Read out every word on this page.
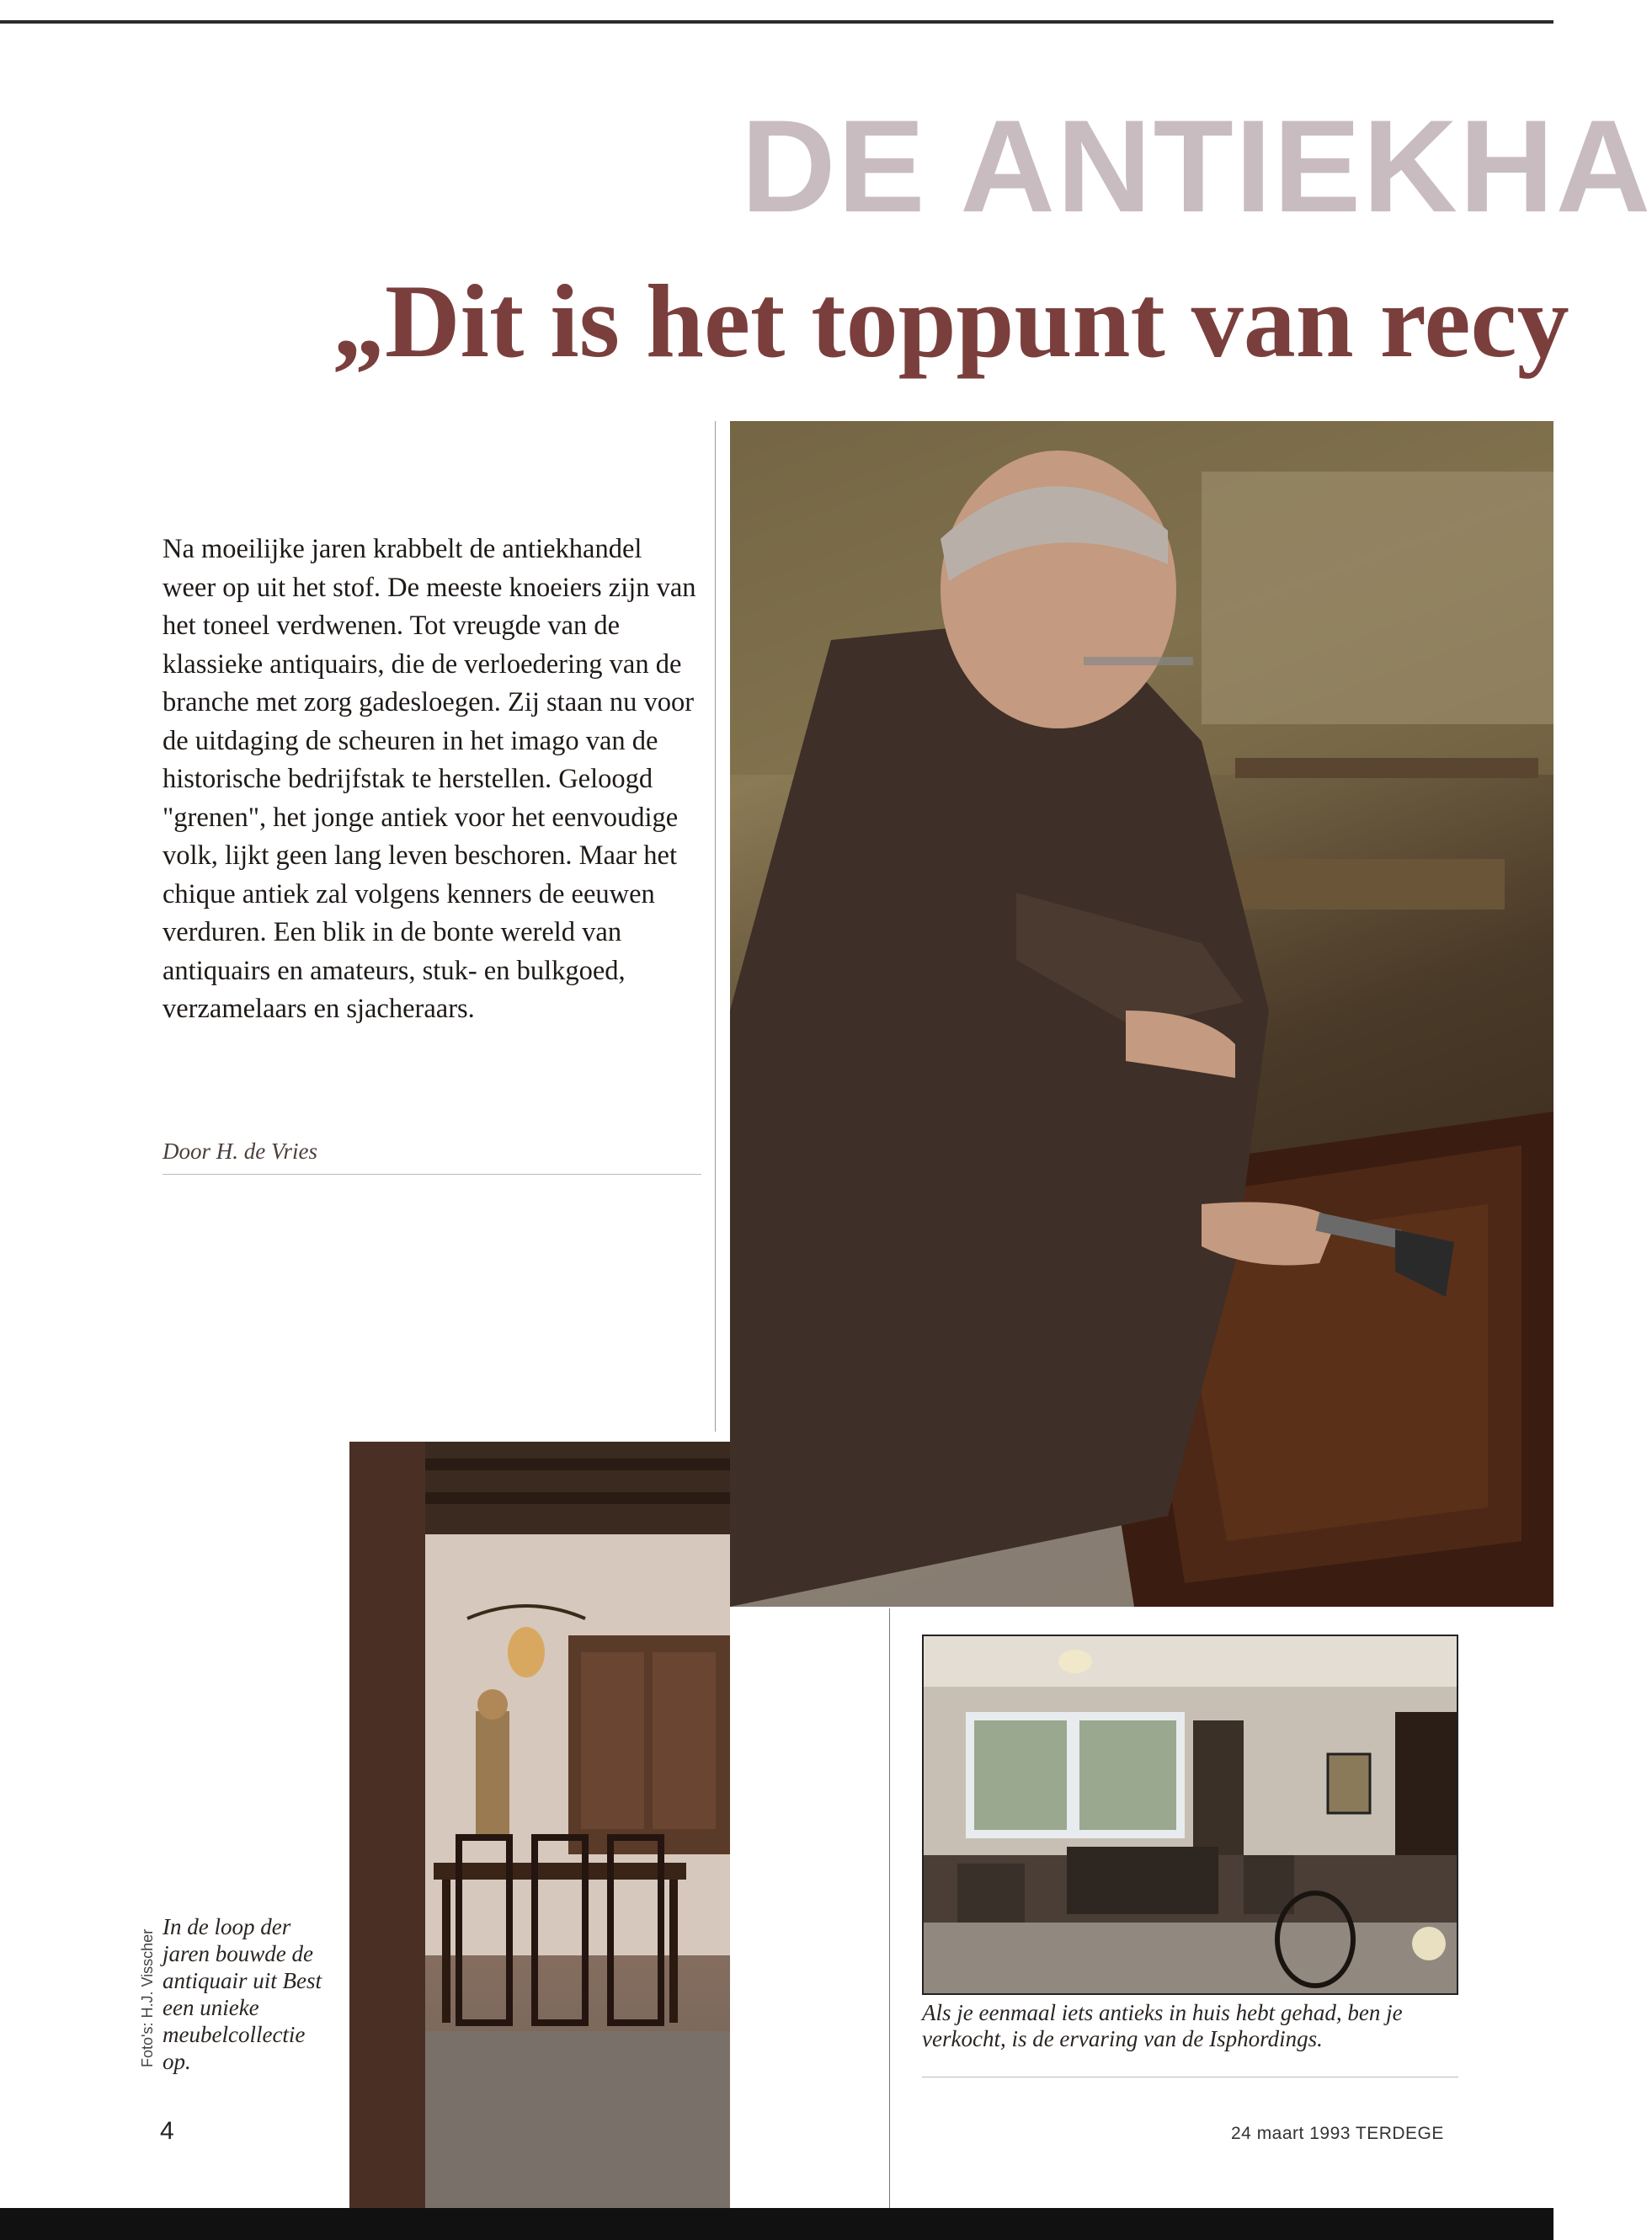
DE ANTIEKHA
„Dit is het toppunt van recy

Na moeilijke jaren krabbelt de antiekhandel weer op uit het stof. De meeste knoeiers zijn van het toneel verdwenen. Tot vreugde van de klassieke antiquairs, die de verloedering van de branche met zorg gadesloegen. Zij staan nu voor de uitdaging de scheuren in het imago van de historische bedrijfstak te herstellen. Geloogd "grenen", het jonge antiek voor het eenvoudige volk, lijkt geen lang leven beschoren. Maar het chique antiek zal volgens kenners de eeuwen verduren. Een blik in de bonte wereld van antiquairs en amateurs, stuk- en bulkgoed, verzamelaars en sjacheraars.

Door H. de Vries

In de loop der jaren bouwde de antiquair uit Best een unieke meubelcollectie op.

Foto's: H.J. Visscher	Als je eenmaal iets antieks in huis hebt gehad, ben je verkocht, is de ervaring van de Isphordings.

4	24 maart 1993 TERDEGE
